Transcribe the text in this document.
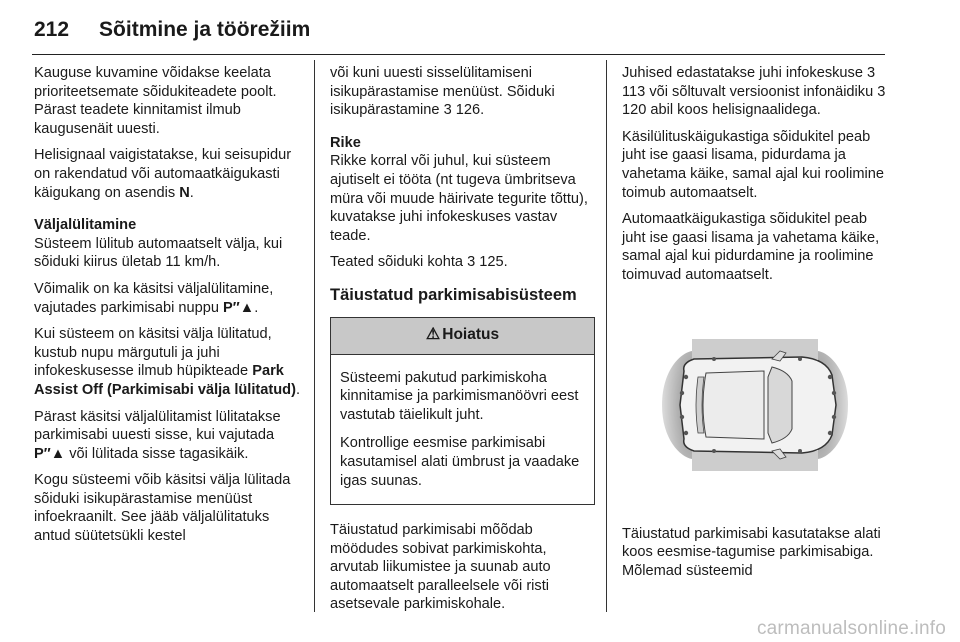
212 Sõitmine ja töörežiim

Kauguse kuvamine võidakse keelata prioriteetsemate sõidukiteadete poolt. Pärast teadete kinnitamist ilmub kaugusenäit uuesti.

Helisignaal vaigistatakse, kui seisupidur on rakendatud või automaatkäigukasti käigukang on asendis N.

Väljalülitamine

Süsteem lülitub automaatselt välja, kui sõiduki kiirus ületab 11 km/h.

Võimalik on ka käsitsi väljalülitamine, vajutades parkimisabi nuppu P″▲.

Kui süsteem on käsitsi välja lülitatud, kustub nupu märgutuli ja juhi infokeskusesse ilmub hüpikteade Park Assist Off (Parkimisabi välja lülitatud).

Pärast käsitsi väljalülitamist lülitatakse parkimisabi uuesti sisse, kui vajutada P″▲ või lülitada sisse tagasikäik.

Kogu süsteemi võib käsitsi välja lülitada sõiduki isikupärastamise menüüst infoekraanilt. See jääb väljalülitatuks antud süütetsükli kestel

või kuni uuesti sisselülitamiseni isikupärastamise menüüst. Sõiduki isikupärastamine 3 126.

Rike

Rikke korral või juhul, kui süsteem ajutiselt ei tööta (nt tugeva ümbritseva müra või muude häirivate tegurite tõttu), kuvatakse juhi infokeskuses vastav teade.

Teated sõiduki kohta 3 125.

Täiustatud parkimisabisüsteem
⚠ Hoiatus

Süsteemi pakutud parkimiskoha kinnitamise ja parkimismanöövri eest vastutab täielikult juht.

Kontrollige eesmise parkimisabi kasutamisel alati ümbrust ja vaadake igas suunas.

Täiustatud parkimisabi mõõdab möödudes sobivat parkimiskohta, arvutab liikumistee ja suunab auto automaatselt paralleelsele või risti asetsevale parkimiskohale.

Juhised edastatakse juhi infokeskuse 3 113 või sõltuvalt versioonist infonäidiku 3 120 abil koos helisignaalidega.

Käsilülituskäigukastiga sõidukitel peab juht ise gaasi lisama, pidurdama ja vahetama käike, samal ajal kui roolimine toimub automaatselt.

Automaatkäigukastiga sõidukitel peab juht ise gaasi lisama ja vahetama käike, samal ajal kui pidurdamine ja roolimine toimuvad automaatselt.

Täiustatud parkimisabi kasutatakse alati koos eesmise-tagumise parkimisabiga. Mõlemad süsteemid

carmanualsonline.info
